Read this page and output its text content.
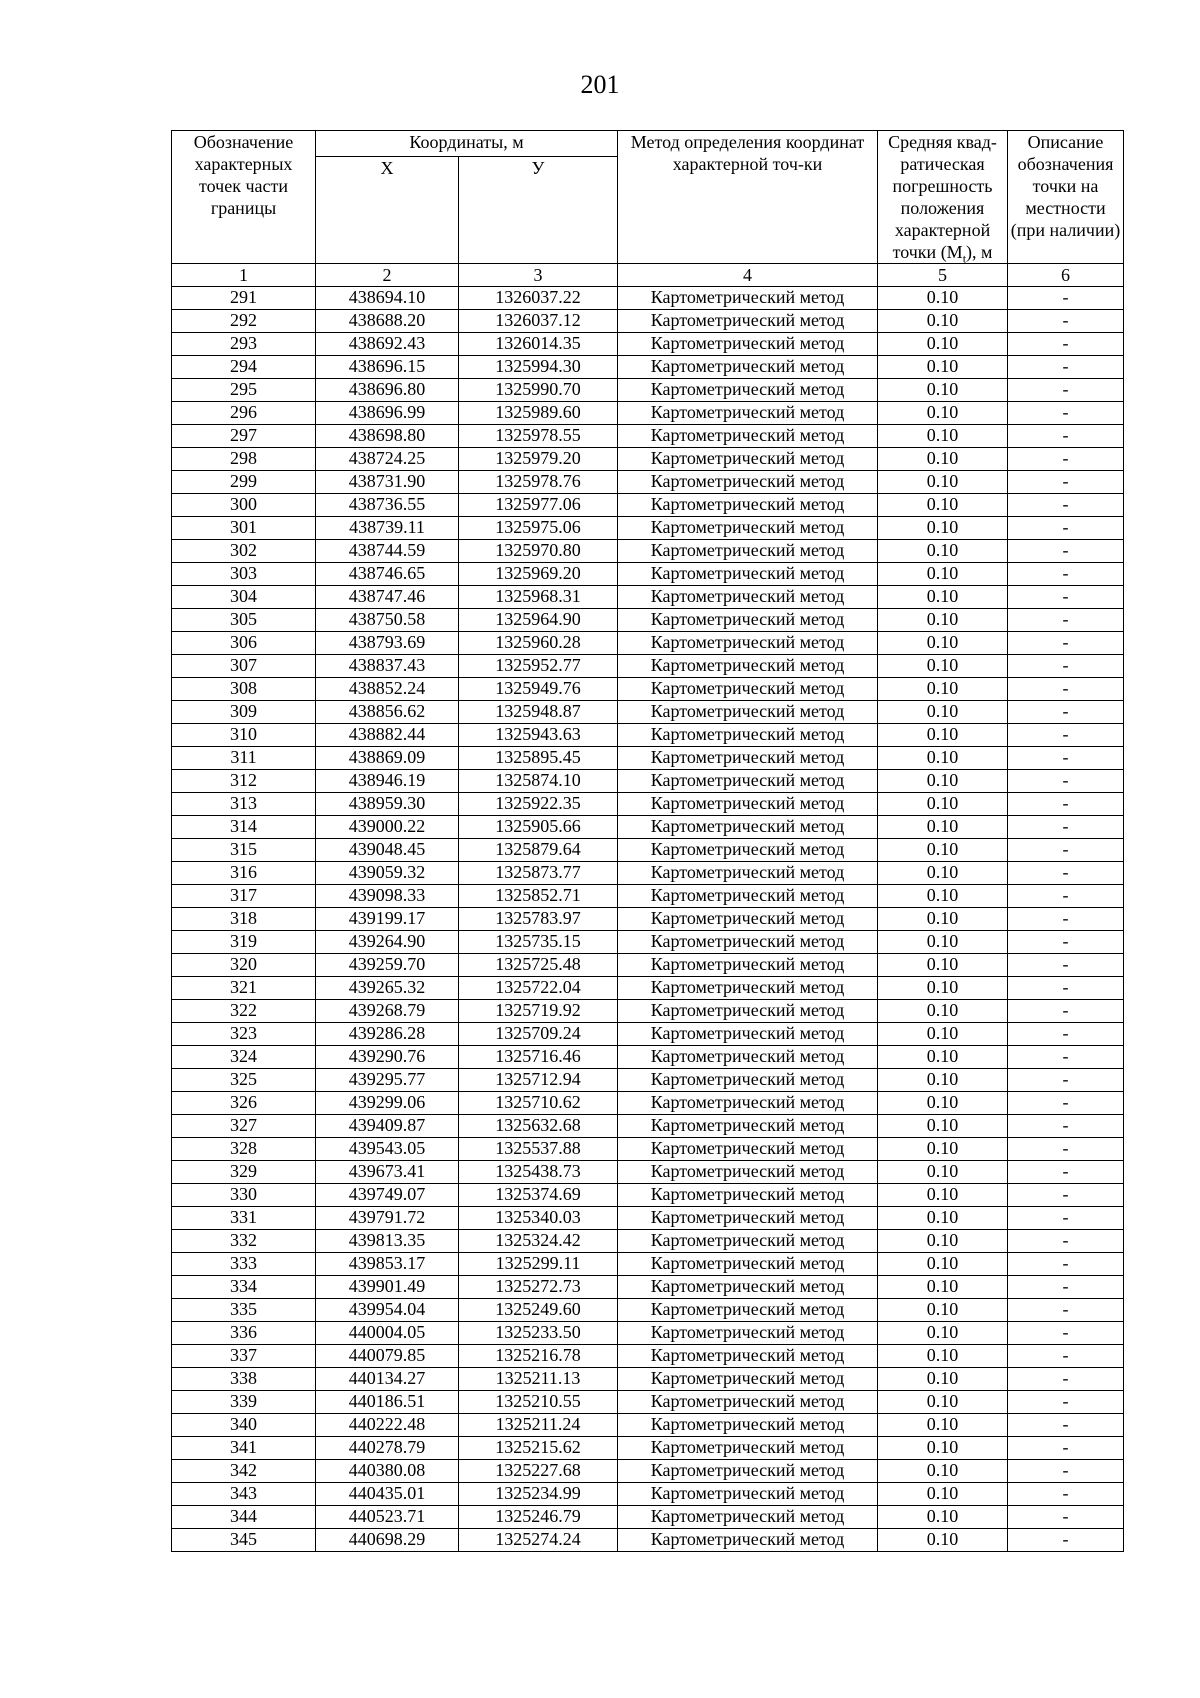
201
Обозначение характерных точек части границы	Координаты, м		Метод определения координат характерной точ-ки	Средняя квад-ратическая погрешность положения характерной точки $(M_t)$, м	Описание обозначения точки на местности (при наличии)
	X	У			
1	2	3	4	5	6
291	438694.10	1326037.22	Картометрический метод	0.10	-
292	438688.20	1326037.12	Картометрический метод	0.10	-
293	438692.43	1326014.35	Картометрический метод	0.10	-
294	438696.15	1325994.30	Картометрический метод	0.10	-
295	438696.80	1325990.70	Картометрический метод	0.10	-
296	438696.99	1325989.60	Картометрический метод	0.10	-
297	438698.80	1325978.55	Картометрический метод	0.10	-
298	438724.25	1325979.20	Картометрический метод	0.10	-
299	438731.90	1325978.76	Картометрический метод	0.10	-
300	438736.55	1325977.06	Картометрический метод	0.10	-
301	438739.11	1325975.06	Картометрический метод	0.10	-
302	438744.59	1325970.80	Картометрический метод	0.10	-
303	438746.65	1325969.20	Картометрический метод	0.10	-
304	438747.46	1325968.31	Картометрический метод	0.10	-
305	438750.58	1325964.90	Картометрический метод	0.10	-
306	438793.69	1325960.28	Картометрический метод	0.10	-
307	438837.43	1325952.77	Картометрический метод	0.10	-
308	438852.24	1325949.76	Картометрический метод	0.10	-
309	438856.62	1325948.87	Картометрический метод	0.10	-
310	438882.44	1325943.63	Картометрический метод	0.10	-
311	438869.09	1325895.45	Картометрический метод	0.10	-
312	438946.19	1325874.10	Картометрический метод	0.10	-
313	438959.30	1325922.35	Картометрический метод	0.10	-
314	439000.22	1325905.66	Картометрический метод	0.10	-
315	439048.45	1325879.64	Картометрический метод	0.10	-
316	439059.32	1325873.77	Картометрический метод	0.10	-
317	439098.33	1325852.71	Картометрический метод	0.10	-
318	439199.17	1325783.97	Картометрический метод	0.10	-
319	439264.90	1325735.15	Картометрический метод	0.10	-
320	439259.70	1325725.48	Картометрический метод	0.10	-
321	439265.32	1325722.04	Картометрический метод	0.10	-
322	439268.79	1325719.92	Картометрический метод	0.10	-
323	439286.28	1325709.24	Картометрический метод	0.10	-
324	439290.76	1325716.46	Картометрический метод	0.10	-
325	439295.77	1325712.94	Картометрический метод	0.10	-
326	439299.06	1325710.62	Картометрический метод	0.10	-
327	439409.87	1325632.68	Картометрический метод	0.10	-
328	439543.05	1325537.88	Картометрический метод	0.10	-
329	439673.41	1325438.73	Картометрический метод	0.10	-
330	439749.07	1325374.69	Картометрический метод	0.10	-
331	439791.72	1325340.03	Картометрический метод	0.10	-
332	439813.35	1325324.42	Картометрический метод	0.10	-
333	439853.17	1325299.11	Картометрический метод	0.10	-
334	439901.49	1325272.73	Картометрический метод	0.10	-
335	439954.04	1325249.60	Картометрический метод	0.10	-
336	440004.05	1325233.50	Картометрический метод	0.10	-
337	440079.85	1325216.78	Картометрический метод	0.10	-
338	440134.27	1325211.13	Картометрический метод	0.10	-
339	440186.51	1325210.55	Картометрический метод	0.10	-
340	440222.48	1325211.24	Картометрический метод	0.10	-
341	440278.79	1325215.62	Картометрический метод	0.10	-
342	440380.08	1325227.68	Картометрический метод	0.10	-
343	440435.01	1325234.99	Картометрический метод	0.10	-
344	440523.71	1325246.79	Картометрический метод	0.10	-
345	440698.29	1325274.24	Картометрический метод	0.10	-
